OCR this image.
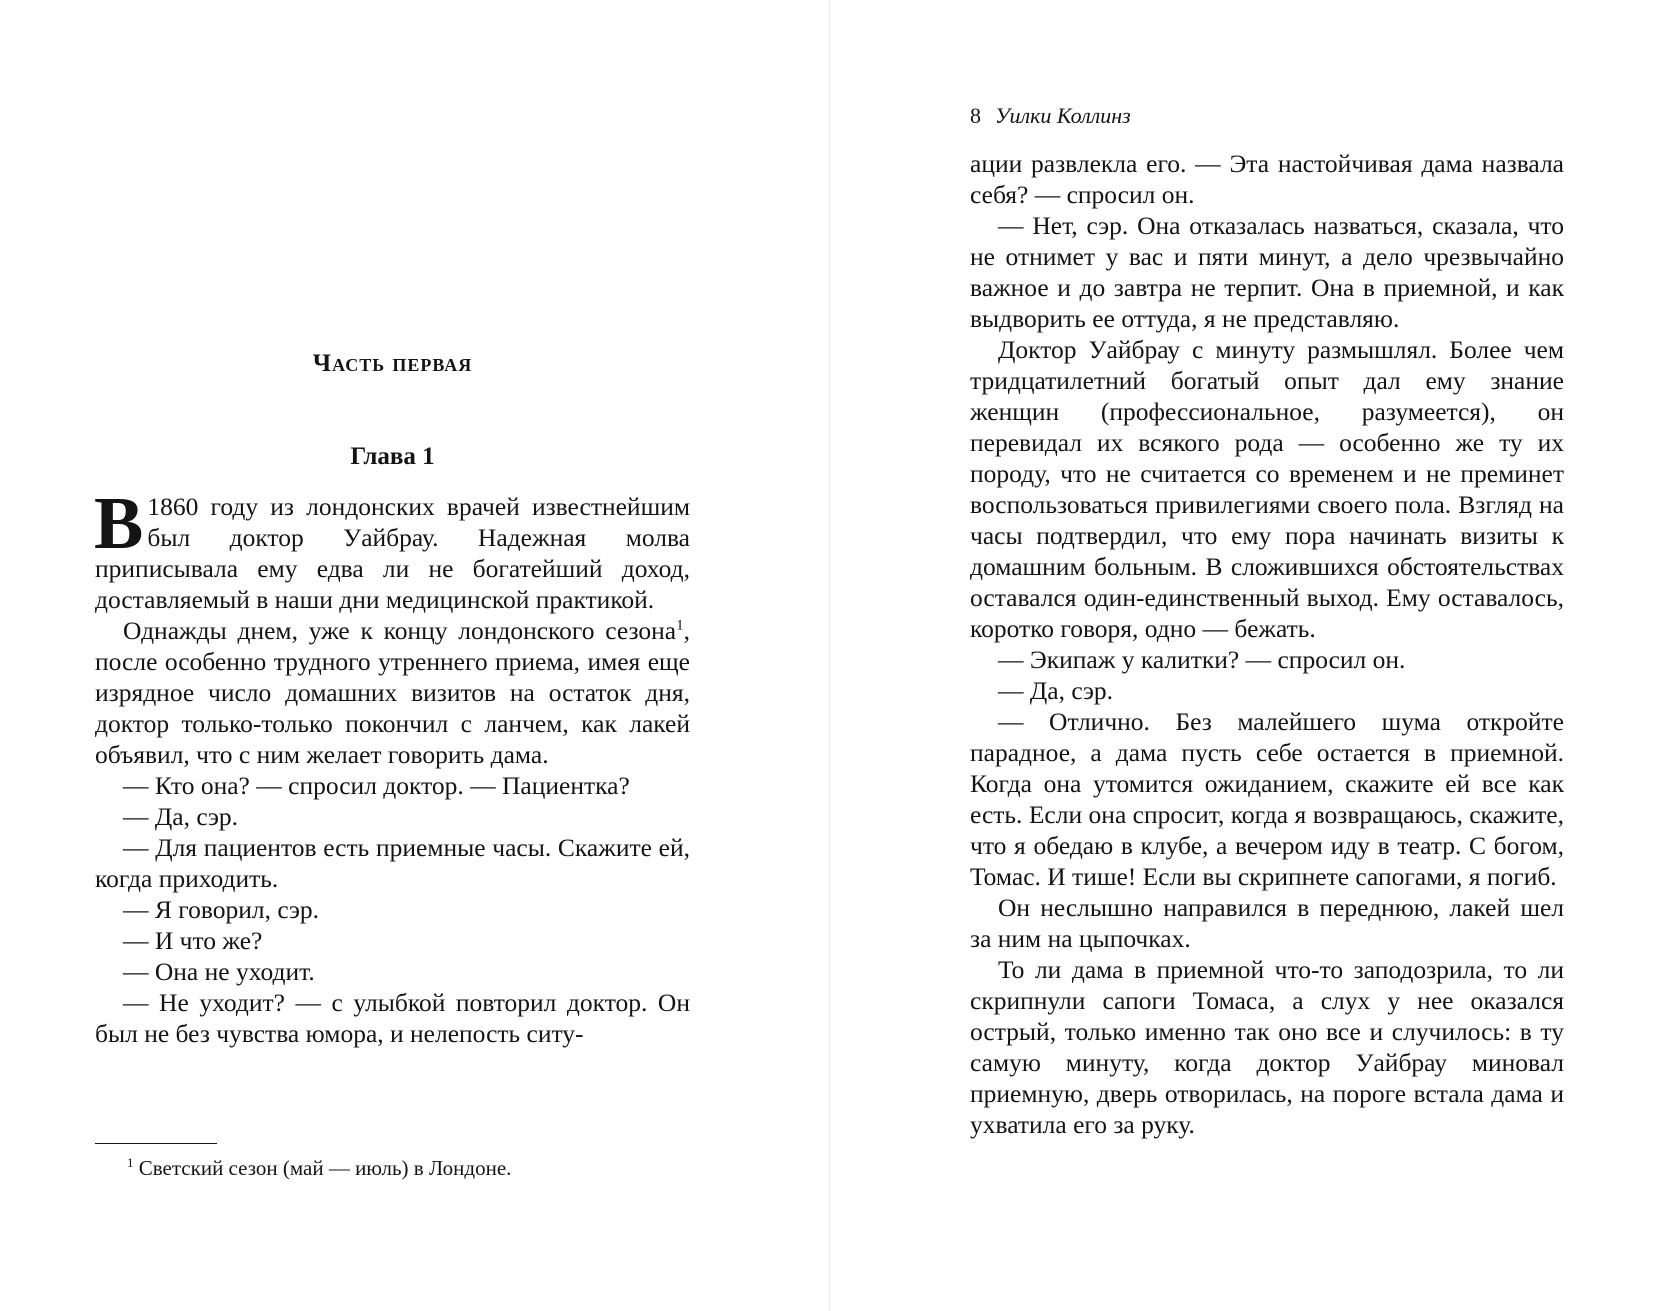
Часть первая
Глава 1

В 1860 году из лондонских врачей известнейшим был доктор Уайбрау. Надежная молва приписывала ему едва ли не богатейший доход, доставляемый в наши дни медицинской практикой.

Однажды днем, уже к концу лондонского сезона$^1$, после особенно трудного утреннего приема, имея еще изрядное число домашних визитов на остаток дня, доктор только-только покончил с ланчем, как лакей объявил, что с ним желает говорить дама.

— Кто она? — спросил доктор. — Пациентка?

— Да, сэр.

— Для пациентов есть приемные часы. Скажите ей, когда приходить.

— Я говорил, сэр.

— И что же?

— Она не уходит.

— Не уходит? — с улыбкой повторил доктор. Он был не без чувства юмора, и нелепость ситу-

$^1$ Светский сезон (май — июль) в Лондоне.

8 Уилки Коллинз

ации развлекла его. — Эта настойчивая дама назвала себя? — спросил он.

— Нет, сэр. Она отказалась назваться, сказала, что не отнимет у вас и пяти минут, а дело чрезвычайно важное и до завтра не терпит. Она в приемной, и как выдворить ее оттуда, я не представляю.

Доктор Уайбрау с минуту размышлял. Более чем тридцатилетний богатый опыт дал ему знание женщин (профессиональное, разумеется), он перевидал их всякого рода — особенно же ту их породу, что не считается со временем и не преминет воспользоваться привилегиями своего пола. Взгляд на часы подтвердил, что ему пора начинать визиты к домашним больным. В сложившихся обстоятельствах оставался один-единственный выход. Ему оставалось, коротко говоря, одно — бежать.

— Экипаж у калитки? — спросил он.

— Да, сэр.

— Отлично. Без малейшего шума откройте парадное, а дама пусть себе остается в приемной. Когда она утомится ожиданием, скажите ей все как есть. Если она спросит, когда я возвращаюсь, скажите, что я обедаю в клубе, а вечером иду в театр. С богом, Томас. И тише! Если вы скрипнете сапогами, я погиб.

Он неслышно направился в переднюю, лакей шел за ним на цыпочках.

То ли дама в приемной что-то заподозрила, то ли скрипнули сапоги Томаса, а слух у нее оказался острый, только именно так оно все и случилось: в ту самую минуту, когда доктор Уайбрау миновал приемную, дверь отворилась, на пороге встала дама и ухватила его за руку.
